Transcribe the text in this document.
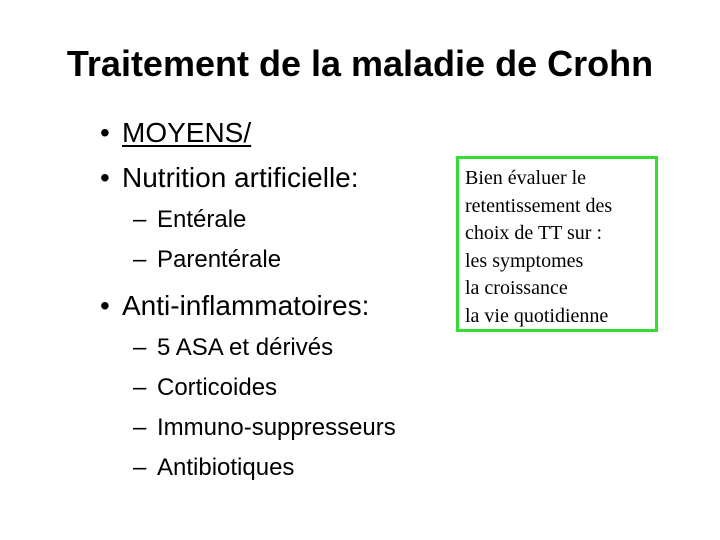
Traitement de la maladie de Crohn
• MOYENS/
• Nutrition artificielle:
– Entérale
– Parentérale
• Anti-inflammatoires:
– 5 ASA et dérivés
– Corticoides
– Immuno-suppresseurs
– Antibiotiques
Bien évaluer le
retentissement des
choix de TT sur :
les symptomes
la croissance
la vie quotidienne
